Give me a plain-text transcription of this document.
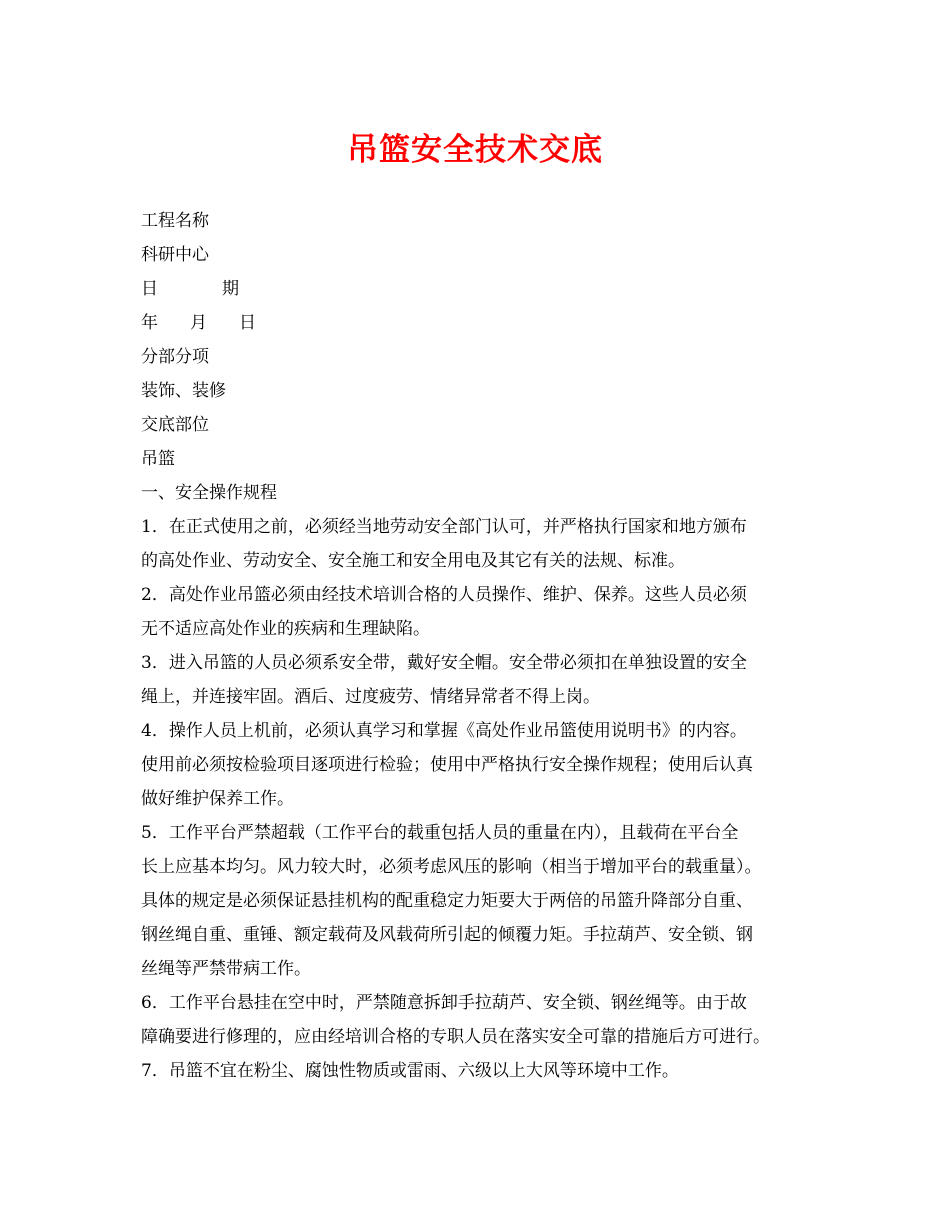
吊篮安全技术交底
工程名称
科研中心
日	期
年 月 日
分部分项
装饰、装修
交底部位
吊篮
一、安全操作规程
1．在正式使用之前，必须经当地劳动安全部门认可，并严格执行国家和地方颁布
的高处作业、劳动安全、安全施工和安全用电及其它有关的法规、标准。
2．高处作业吊篮必须由经技术培训合格的人员操作、维护、保养。这些人员必须
无不适应高处作业的疾病和生理缺陷。
3．进入吊篮的人员必须系安全带，戴好安全帽。安全带必须扣在单独设置的安全
绳上，并连接牢固。酒后、过度疲劳、情绪异常者不得上岗。
4．操作人员上机前，必须认真学习和掌握《高处作业吊篮使用说明书》的内容。
使用前必须按检验项目逐项进行检验；使用中严格执行安全操作规程；使用后认真
做好维护保养工作。
5．工作平台严禁超载（工作平台的载重包括人员的重量在内），且载荷在平台全
长上应基本均匀。风力较大时，必须考虑风压的影响（相当于增加平台的载重量）。
具体的规定是必须保证悬挂机构的配重稳定力矩要大于两倍的吊篮升降部分自重、
钢丝绳自重、重锤、额定载荷及风载荷所引起的倾覆力矩。手拉葫芦、安全锁、钢
丝绳等严禁带病工作。
6．工作平台悬挂在空中时，严禁随意拆卸手拉葫芦、安全锁、钢丝绳等。由于故
障确要进行修理的，应由经培训合格的专职人员在落实安全可靠的措施后方可进行。
7．吊篮不宜在粉尘、腐蚀性物质或雷雨、六级以上大风等环境中工作。
